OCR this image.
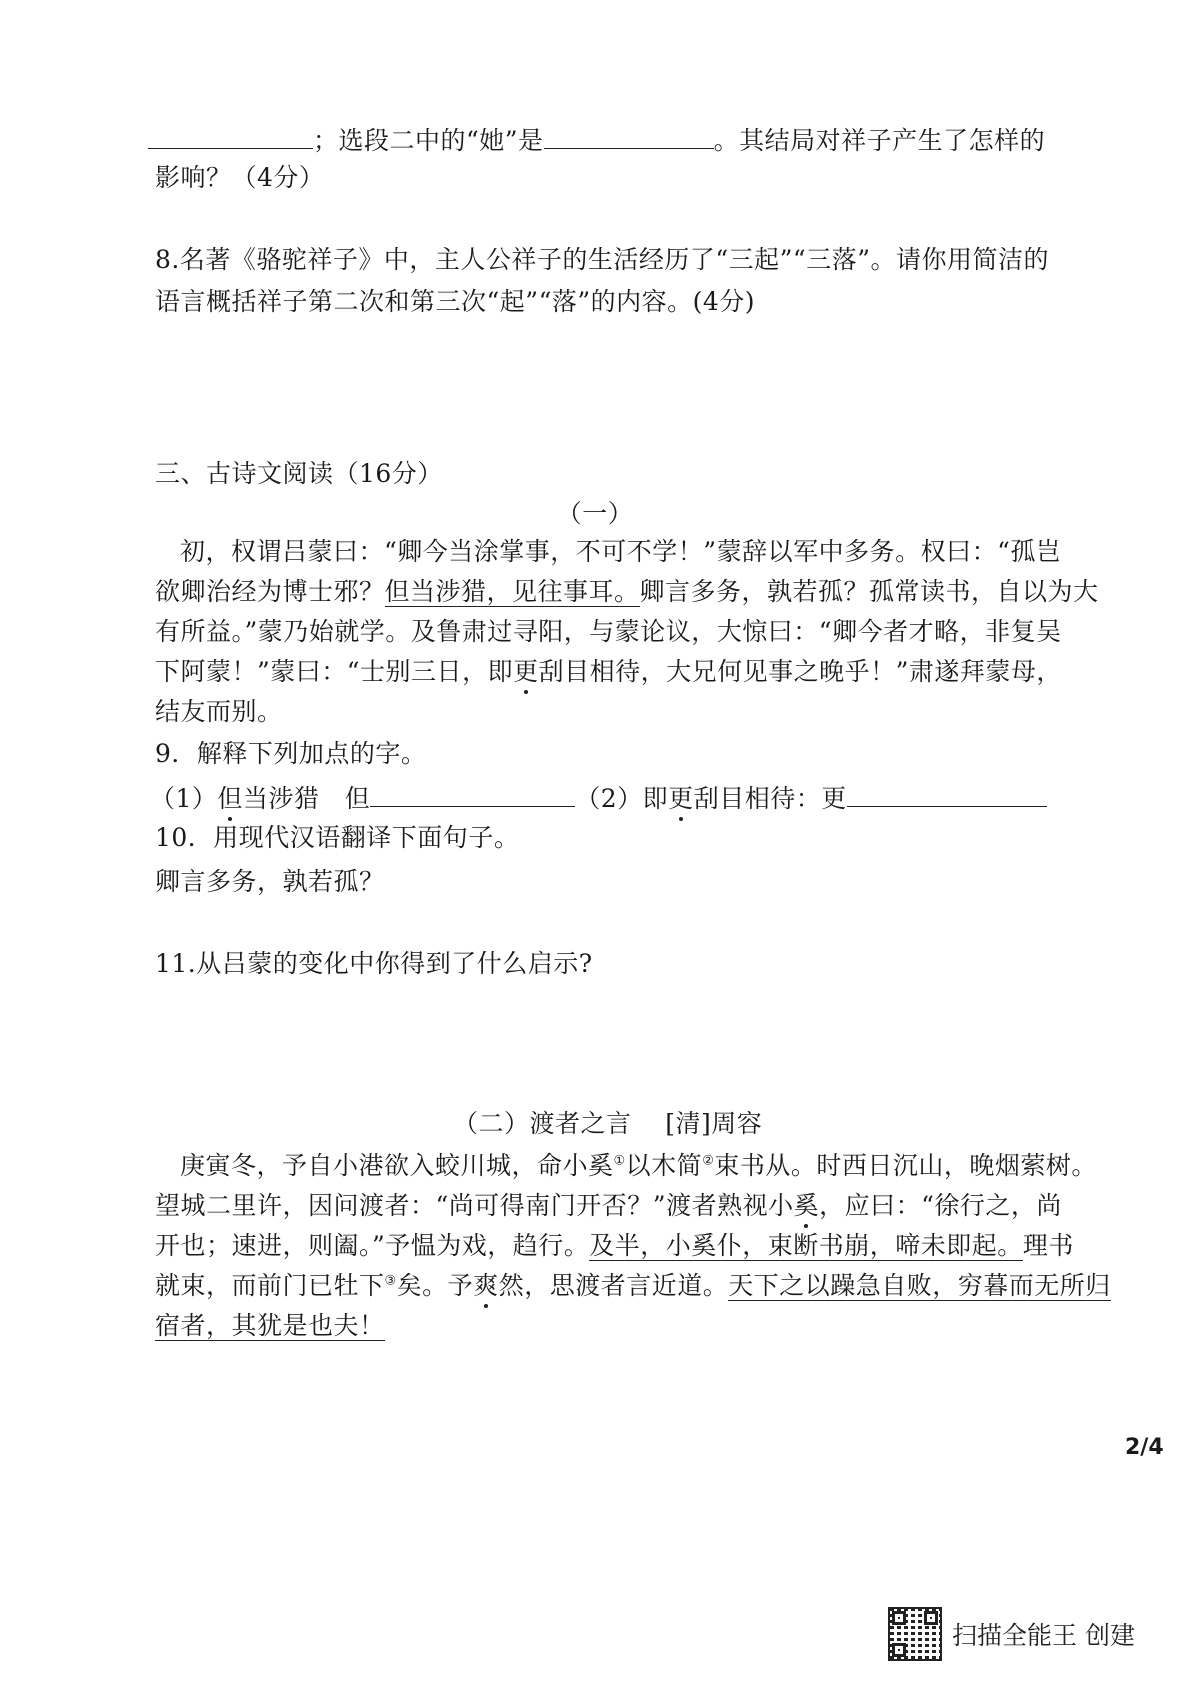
；选段二中的“她”是	。其结局对祥子产生了怎样的
影响？（4分）
8.名著《骆驼祥子》中，主人公祥子的生活经历了“三起”“三落”。请你用简洁的
语言概括祥子第二次和第三次“起”“落”的内容。(4分)
三、古诗文阅读（16分）
（一）
初，权谓吕蒙曰：“卿今当涂掌事，不可不学！”蒙辞以军中多务。权曰：“孤岂
欲卿治经为博士邪？但当涉猎，见往事耳。卿言多务，孰若孤？孤常读书，自以为大
有所益。”蒙乃始就学。及鲁肃过寻阳，与蒙论议，大惊曰：“卿今者才略，非复吴
下阿蒙！”蒙曰：“士别三日，即更刮目相待，大兄何见事之晚乎！”肃遂拜蒙母，
结友而别。
9．解释下列加点的字。
（1）但当涉猎   但	（2）即更刮目相待：更
10．用现代汉语翻译下面句子。
卿言多务，孰若孤？
11.从吕蒙的变化中你得到了什么启示?
（二）渡者之言    [清]周容
庚寅冬，予自小港欲入蛟川城，命小奚①以木简②束书从。时西日沉山，晚烟萦树。
望城二里许，因问渡者：“尚可得南门开否？”渡者熟视小奚，应曰：“徐行之，尚
开也；速进，则阖。”予愠为戏，趋行。及半，小奚仆，束断书崩，啼未即起。理书
就束，而前门已牡下③矣。予爽然，思渡者言近道。天下之以躁急自败，穷暮而无所归
宿者，其犹是也夫！
2/4
扫描全能王 创建
